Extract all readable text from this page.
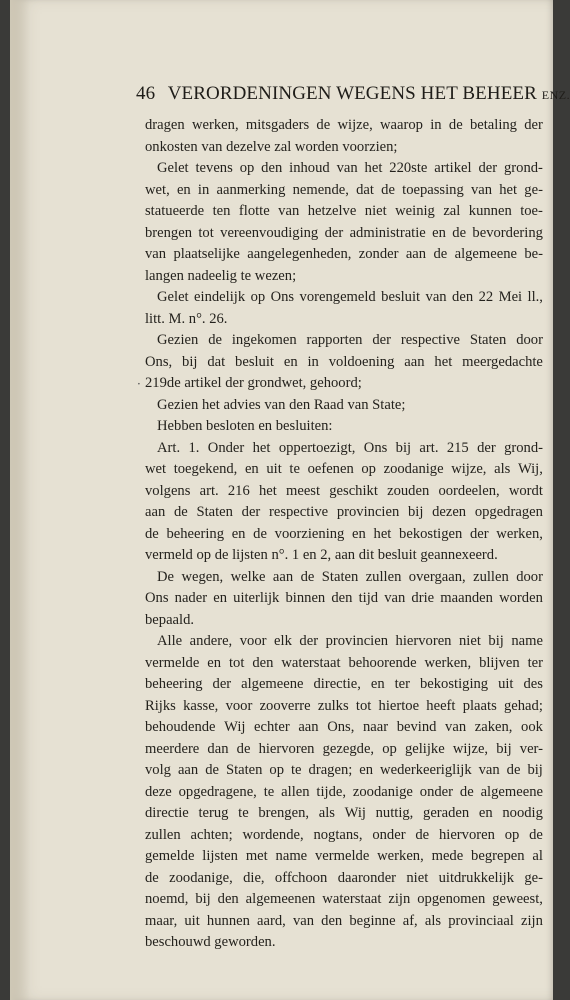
46 VERORDENINGEN WEGENS HET BEHEER ENZ.
·
dragen werken, mitsgaders de wijze, waarop in de betaling der
onkosten van dezelve zal worden voorzien;
Gelet tevens op den inhoud van het 220ste artikel der grond-
wet, en in aanmerking nemende, dat de toepassing van het ge-
statueerde ten flotte van hetzelve niet weinig zal kunnen toe-
brengen tot vereenvoudiging der administratie en de bevordering
van plaatselijke aangelegenheden, zonder aan de algemeene be-
langen nadeelig te wezen;
Gelet eindelijk op Ons vorengemeld besluit van den 22 Mei ll.,
litt. M. n°. 26.
Gezien de ingekomen rapporten der respective Staten door
Ons, bij dat besluit en in voldoening aan het meergedachte
219de artikel der grondwet, gehoord;
Gezien het advies van den Raad van State;
Hebben besloten en besluiten:
Art. 1. Onder het oppertoezigt, Ons bij art. 215 der grond-
wet toegekend, en uit te oefenen op zoodanige wijze, als Wij,
volgens art. 216 het meest geschikt zouden oordeelen, wordt
aan de Staten der respective provincien bij dezen opgedragen
de beheering en de voorziening en het bekostigen der werken,
vermeld op de lijsten n°. 1 en 2, aan dit besluit geannexeerd.
De wegen, welke aan de Staten zullen overgaan, zullen door
Ons nader en uiterlijk binnen den tijd van drie maanden worden
bepaald.
Alle andere, voor elk der provincien hiervoren niet bij name
vermelde en tot den waterstaat behoorende werken, blijven ter
beheering der algemeene directie, en ter bekostiging uit des
Rijks kasse, voor zooverre zulks tot hiertoe heeft plaats gehad;
behoudende Wij echter aan Ons, naar bevind van zaken, ook
meerdere dan de hiervoren gezegde, op gelijke wijze, bij ver-
volg aan de Staten op te dragen; en wederkeeriglijk van de bij
deze opgedragene, te allen tijde, zoodanige onder de algemeene
directie terug te brengen, als Wij nuttig, geraden en noodig
zullen achten; wordende, nogtans, onder de hiervoren op de
gemelde lijsten met name vermelde werken, mede begrepen al
de zoodanige, die, offchoon daaronder niet uitdrukkelijk ge-
noemd, bij den algemeenen waterstaat zijn opgenomen geweest,
maar, uit hunnen aard, van den beginne af, als provinciaal zijn
beschouwd geworden.
